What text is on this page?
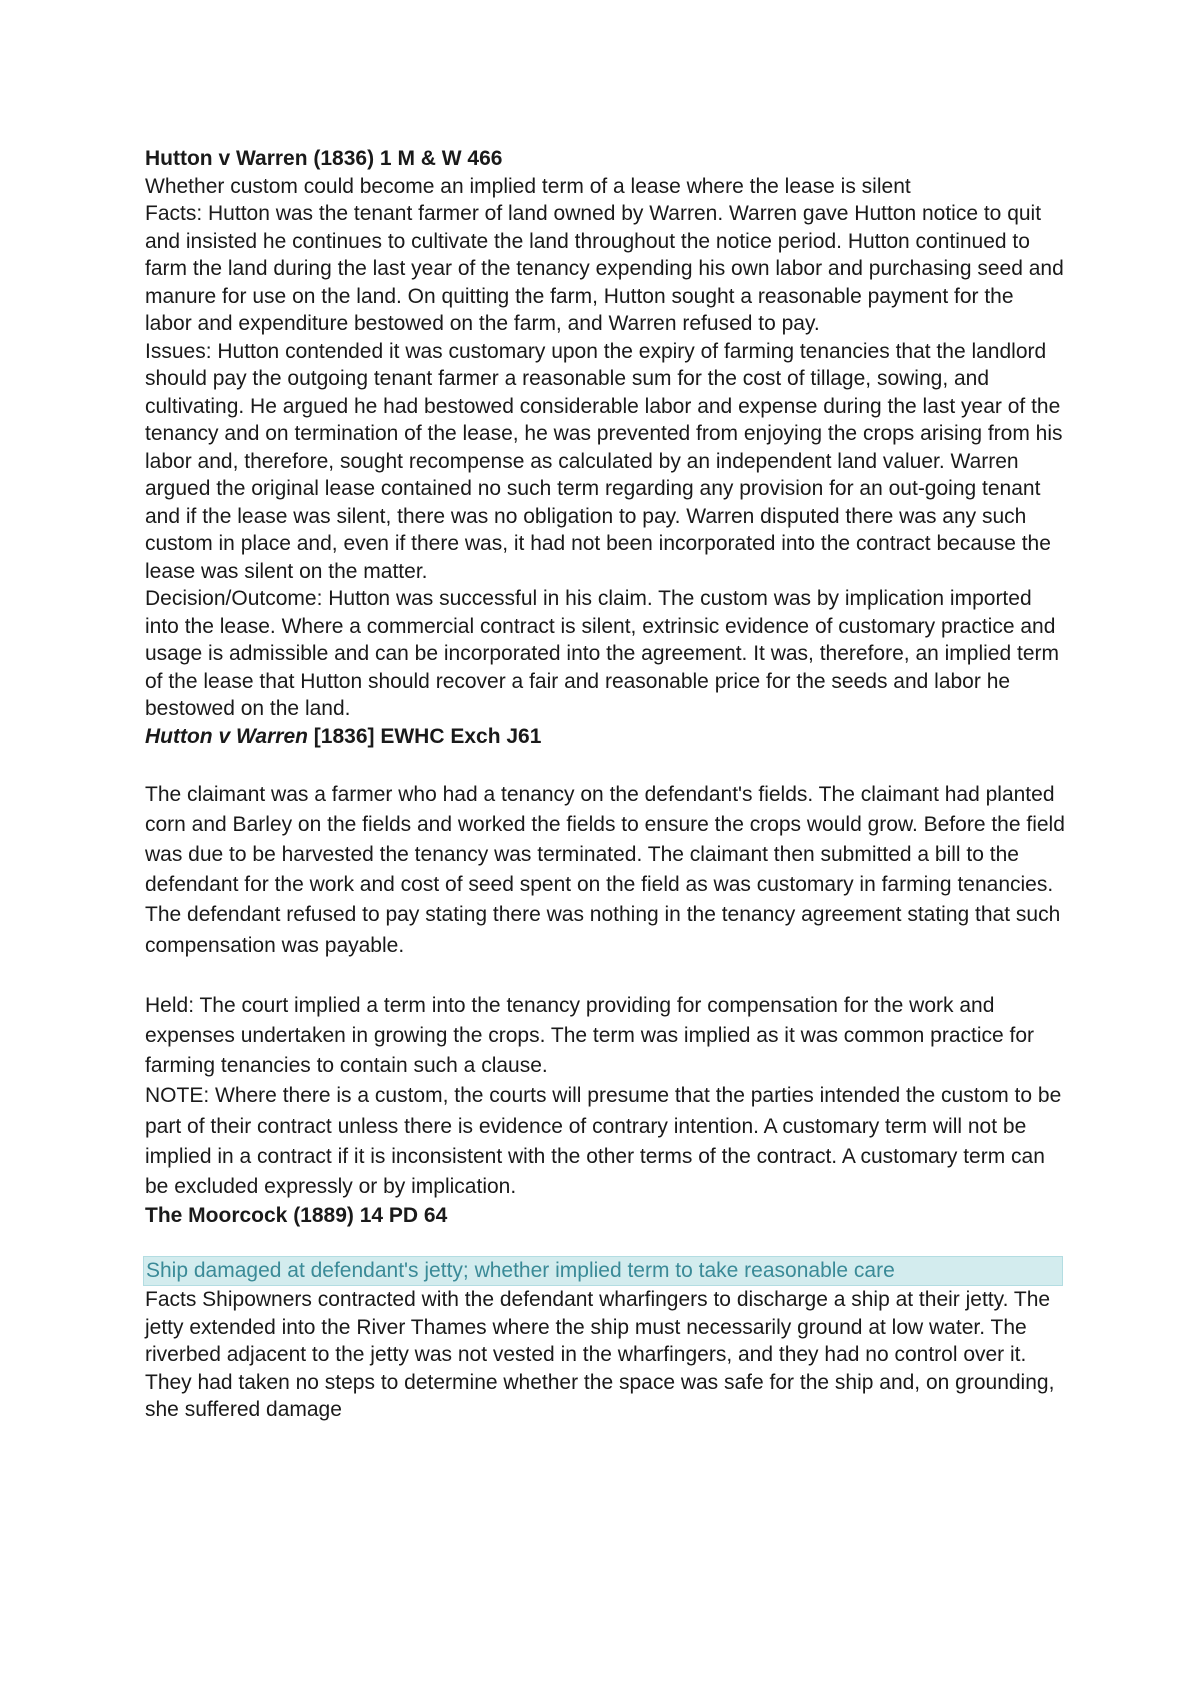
Hutton v Warren (1836) 1 M & W 466

Whether custom could become an implied term of a lease where the lease is silent

Facts: Hutton was the tenant farmer of land owned by Warren. Warren gave Hutton notice to quit and insisted he continues to cultivate the land throughout the notice period. Hutton continued to farm the land during the last year of the tenancy expending his own labor and purchasing seed and manure for use on the land. On quitting the farm, Hutton sought a reasonable payment for the labor and expenditure bestowed on the farm, and Warren refused to pay.

Issues: Hutton contended it was customary upon the expiry of farming tenancies that the landlord should pay the outgoing tenant farmer a reasonable sum for the cost of tillage, sowing, and cultivating. He argued he had bestowed considerable labor and expense during the last year of the tenancy and on termination of the lease, he was prevented from enjoying the crops arising from his labor and, therefore, sought recompense as calculated by an independent land valuer. Warren argued the original lease contained no such term regarding any provision for an out-going tenant and if the lease was silent, there was no obligation to pay. Warren disputed there was any such custom in place and, even if there was, it had not been incorporated into the contract because the lease was silent on the matter.

Decision/Outcome: Hutton was successful in his claim. The custom was by implication imported into the lease. Where a commercial contract is silent, extrinsic evidence of customary practice and usage is admissible and can be incorporated into the agreement. It was, therefore, an implied term of the lease that Hutton should recover a fair and reasonable price for the seeds and labor he bestowed on the land.

Hutton v Warren [1836] EWHC Exch J61

The claimant was a farmer who had a tenancy on the defendant's fields. The claimant had planted corn and Barley on the fields and worked the fields to ensure the crops would grow. Before the field was due to be harvested the tenancy was terminated. The claimant then submitted a bill to the defendant for the work and cost of seed spent on the field as was customary in farming tenancies. The defendant refused to pay stating there was nothing in the tenancy agreement stating that such compensation was payable.

Held: The court implied a term into the tenancy providing for compensation for the work and expenses undertaken in growing the crops. The term was implied as it was common practice for farming tenancies to contain such a clause.

NOTE: Where there is a custom, the courts will presume that the parties intended the custom to be part of their contract unless there is evidence of contrary intention. A customary term will not be implied in a contract if it is inconsistent with the other terms of the contract. A customary term can be excluded expressly or by implication.

The Moorcock (1889) 14 PD 64

Ship damaged at defendant's jetty; whether implied term to take reasonable care

Facts Shipowners contracted with the defendant wharfingers to discharge a ship at their jetty. The jetty extended into the River Thames where the ship must necessarily ground at low water. The riverbed adjacent to the jetty was not vested in the wharfingers, and they had no control over it. They had taken no steps to determine whether the space was safe for the ship and, on grounding, she suffered damage
